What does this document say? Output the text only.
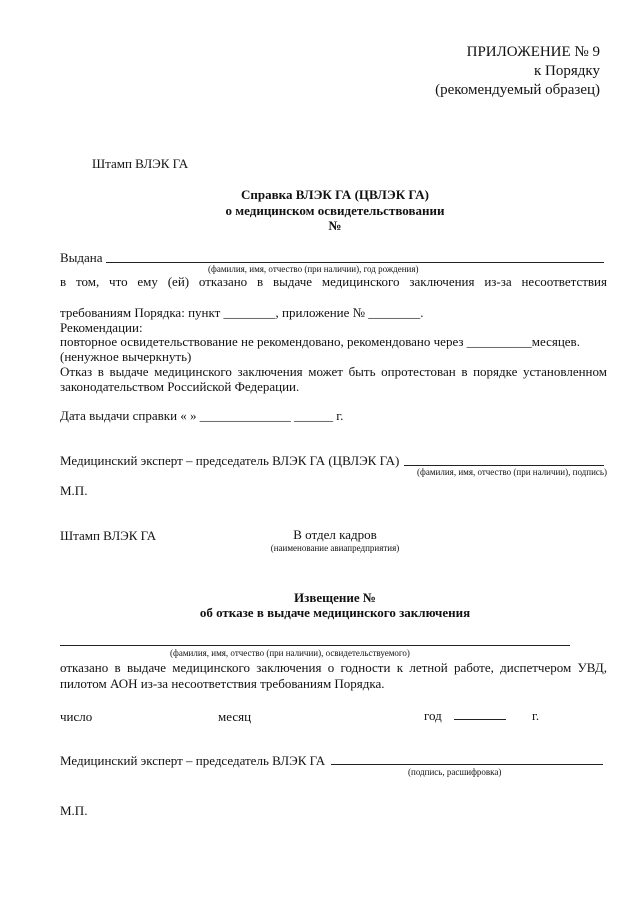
ПРИЛОЖЕНИЕ № 9
к Порядку
(рекомендуемый образец)
Штамп ВЛЭК ГА
Справка ВЛЭК ГА (ЦВЛЭК ГА)
о медицинском освидетельствовании
№
Выдана
(фамилия, имя, отчество (при наличии), год рождения)
в том, что ему (ей) отказано в выдаче медицинского заключения из-за несоответствия
требованиям Порядка: пункт ________, приложение № ________.
Рекомендации:
повторное освидетельствование не рекомендовано, рекомендовано через __________месяцев.
(ненужное вычеркнуть)
Отказ в выдаче медицинского заключения может быть опротестован в порядке установленном
законодательством Российской Федерации.
Дата выдачи справки « » ______________ ______ г.
Медицинский эксперт – председатель ВЛЭК ГА (ЦВЛЭК ГА)
(фамилия, имя, отчество (при наличии), подпись)
М.П.
Штамп ВЛЭК ГА	В отдел кадров
(наименование авиапредприятия)
Извещение №
об отказе в выдаче медицинского заключения
(фамилия, имя, отчество (при наличии), освидетельствуемого)
отказано в выдаче медицинского заключения о годности к летной работе, диспетчером УВД,
пилотом АОН из-за несоответствия требованиям Порядка.
число	месяц	год	г.
Медицинский эксперт – председатель ВЛЭК ГА
(подпись, расшифровка)
М.П.
